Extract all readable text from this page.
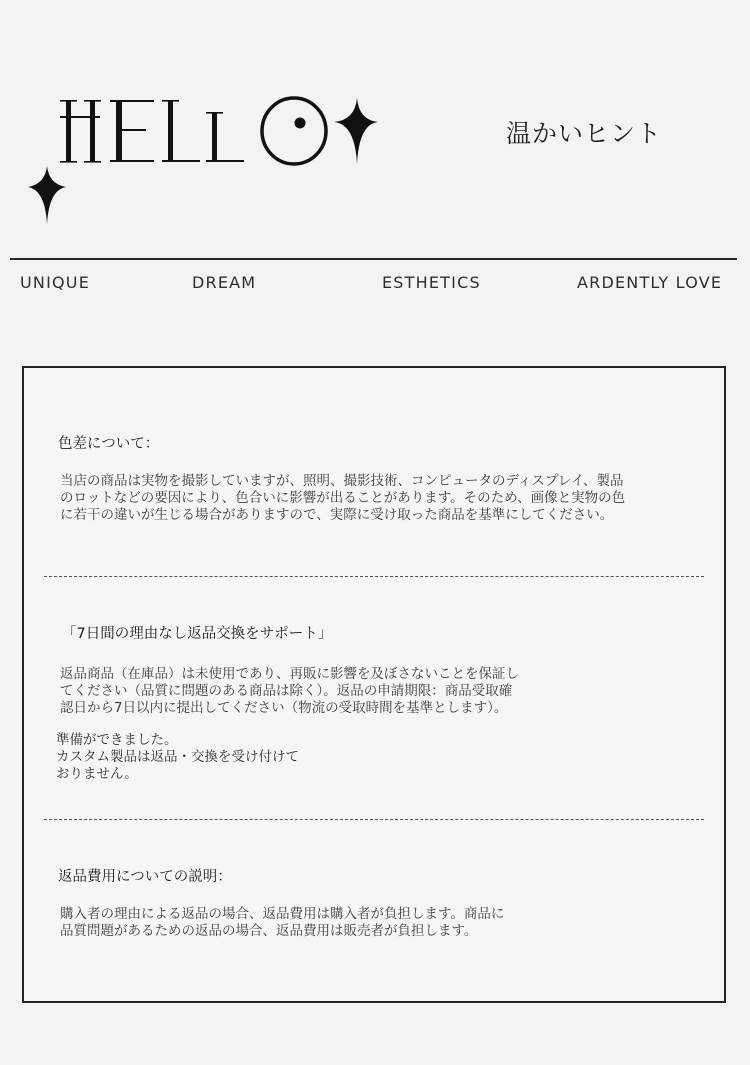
温かいヒント
UNIQUE	DREAM	ESTHETICS	ARDENTLY LOVE
色差について：

当店の商品は実物を撮影していますが、照明、撮影技術、コンピュータのディスプレイ、製品
のロットなどの要因により、色合いに影響が出ることがあります。そのため、画像と実物の色
に若干の違いが生じる場合がありますので、実際に受け取った商品を基準にしてください。

「7日間の理由なし返品交換をサポート」

返品商品（在庫品）は未使用であり、再販に影響を及ぼさないことを保証し
てください（品質に問題のある商品は除く）。返品の申請期限：商品受取確
認日から7日以内に提出してください（物流の受取時間を基準とします）。

準備ができました。
カスタム製品は返品・交換を受け付けて
おりません。

返品費用についての説明：

購入者の理由による返品の場合、返品費用は購入者が負担します。商品に
品質問題があるための返品の場合、返品費用は販売者が負担します。
